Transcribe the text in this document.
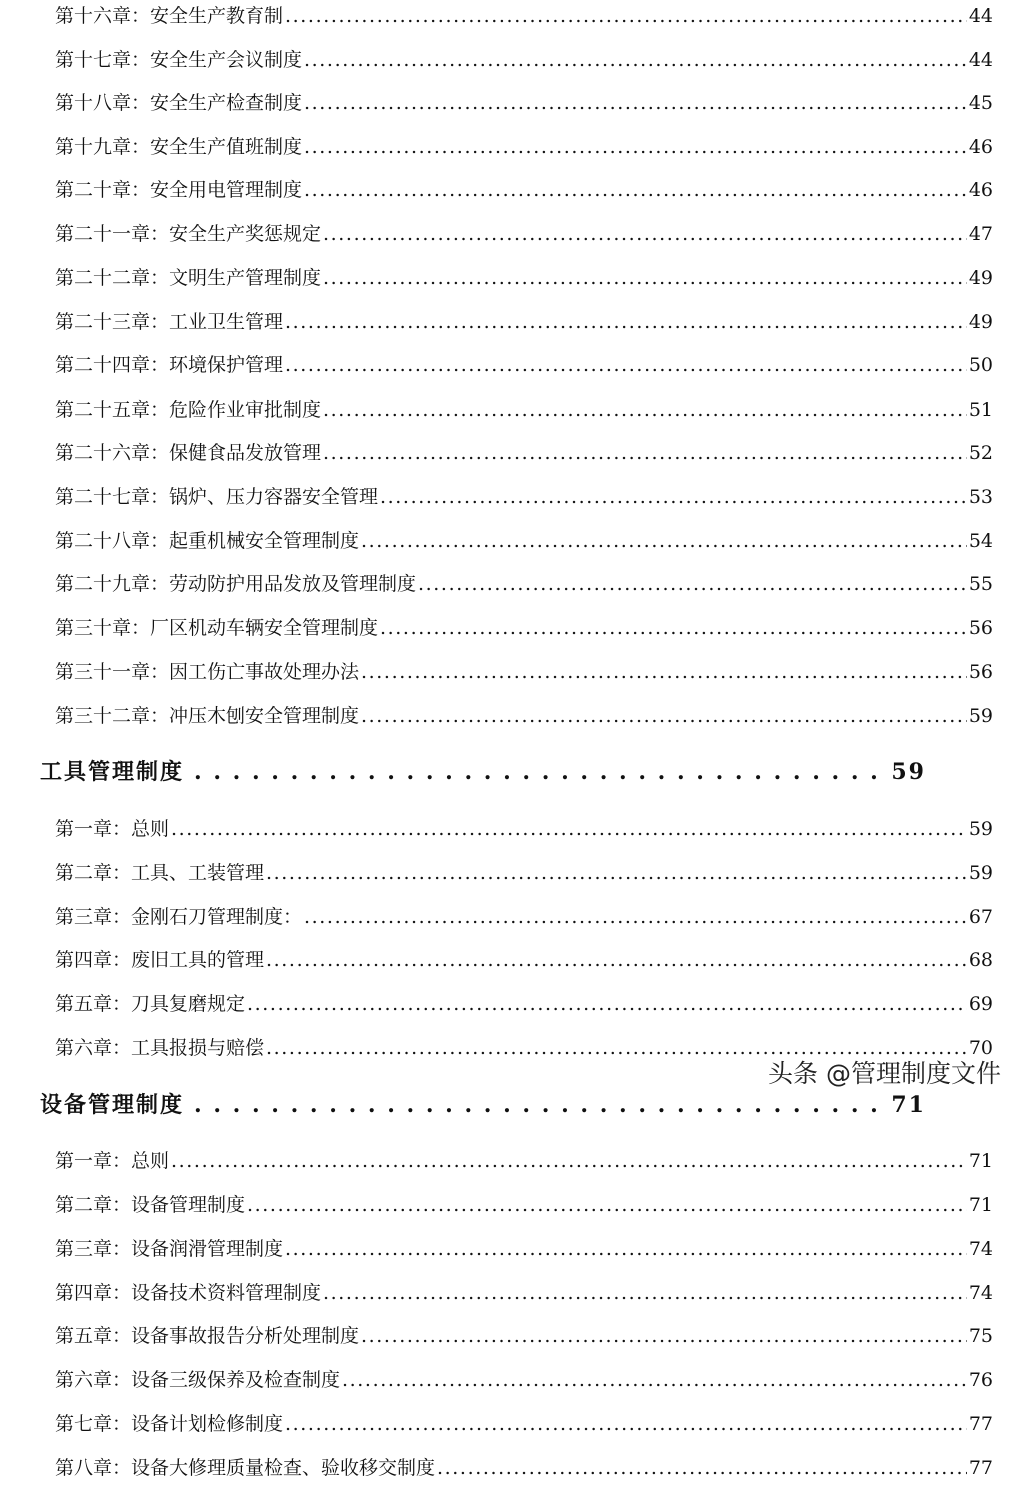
第十六章：安全生产教育制 .....	44
第十七章：安全生产会议制度 .....	44
第十八章：安全生产检查制度 .....	45
第十九章：安全生产值班制度 .....	46
第二十章：安全用电管理制度 .....	46
第二十一章：安全生产奖惩规定 .....	47
第二十二章：文明生产管理制度 .....	49
第二十三章：工业卫生管理 .....	49
第二十四章：环境保护管理 .....	50
第二十五章：危险作业审批制度 .....	51
第二十六章：保健食品发放管理 .....	52
第二十七章：锅炉、压力容器安全管理 .....	53
第二十八章：起重机械安全管理制度 .....	54
第二十九章：劳动防护用品发放及管理制度 .....	55
第三十章：厂区机动车辆安全管理制度 .....	56
第三十一章：因工伤亡事故处理办法 .....	56
第三十二章：冲压木刨安全管理制度 .....	59
工具管理制度 . . .	59
第一章：总则 .....	59
第二章：工具、工装管理 .....	59
第三章：金刚石刀管理制度： .....	67
第四章：废旧工具的管理 .....	68
第五章：刀具复磨规定 .....	69
第六章：工具报损与赔偿 .....	70
设备管理制度 . . .	71
第一章：总则 .....	71
第二章：设备管理制度 .....	71
第三章：设备润滑管理制度 .....	74
第四章：设备技术资料管理制度 .....	74
第五章：设备事故报告分析处理制度 .....	75
第六章：设备三级保养及检查制度 .....	76
第七章：设备计划检修制度 .....	77
第八章：设备大修理质量检查、验收移交制度 .....	77
头条 @管理制度文件
